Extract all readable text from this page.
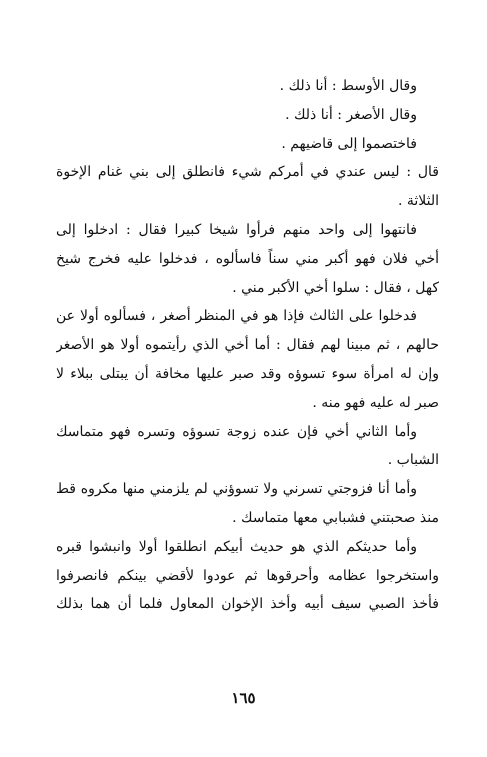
وقال الأوسط : أنا ذلك .
وقال الأصغر : أنا ذلك .
فاختصموا إلى قاضيهم .
قال : ليس عندي في أمركم شيء فانطلق إلى بني غنام الإخوة
الثلاثة .
فانتهوا إلى واحد منهم فرأوا شيخا كبيرا فقال : ادخلوا إلى
أخي فلان فهو أكبر مني سناً فاسألوه ، فدخلوا عليه فخرج شيخ
كهل ، فقال : سلوا أخي الأكبر مني .
فدخلوا على الثالث فإذا هو في المنظر أصغر ، فسألوه أولا عن
حالهم ، ثم مبينا لهم فقال : أما أخي الذي رأيتموه أولا هو الأصغر
وإن له امرأة سوء تسوؤه وقد صبر عليها مخافة أن يبتلى ببلاء لا
صبر له عليه فهو منه .
وأما الثاني أخي فإن عنده زوجة تسوؤه وتسره فهو متماسك
الشباب .
وأما أنا فزوجتي تسرني ولا تسوؤني لم يلزمني منها مكروه قط
منذ صحبتني فشبابي معها متماسك .
وأما حديثكم الذي هو حديث أبيكم انطلقوا أولا وانبشوا قبره
واستخرجوا عظامه وأحرقوها ثم عودوا لأقضي بينكم فانصرفوا
فأخذ الصبي سيف أبيه وأخذ الإخوان المعاول فلما أن هما بذلك
١٦٥
